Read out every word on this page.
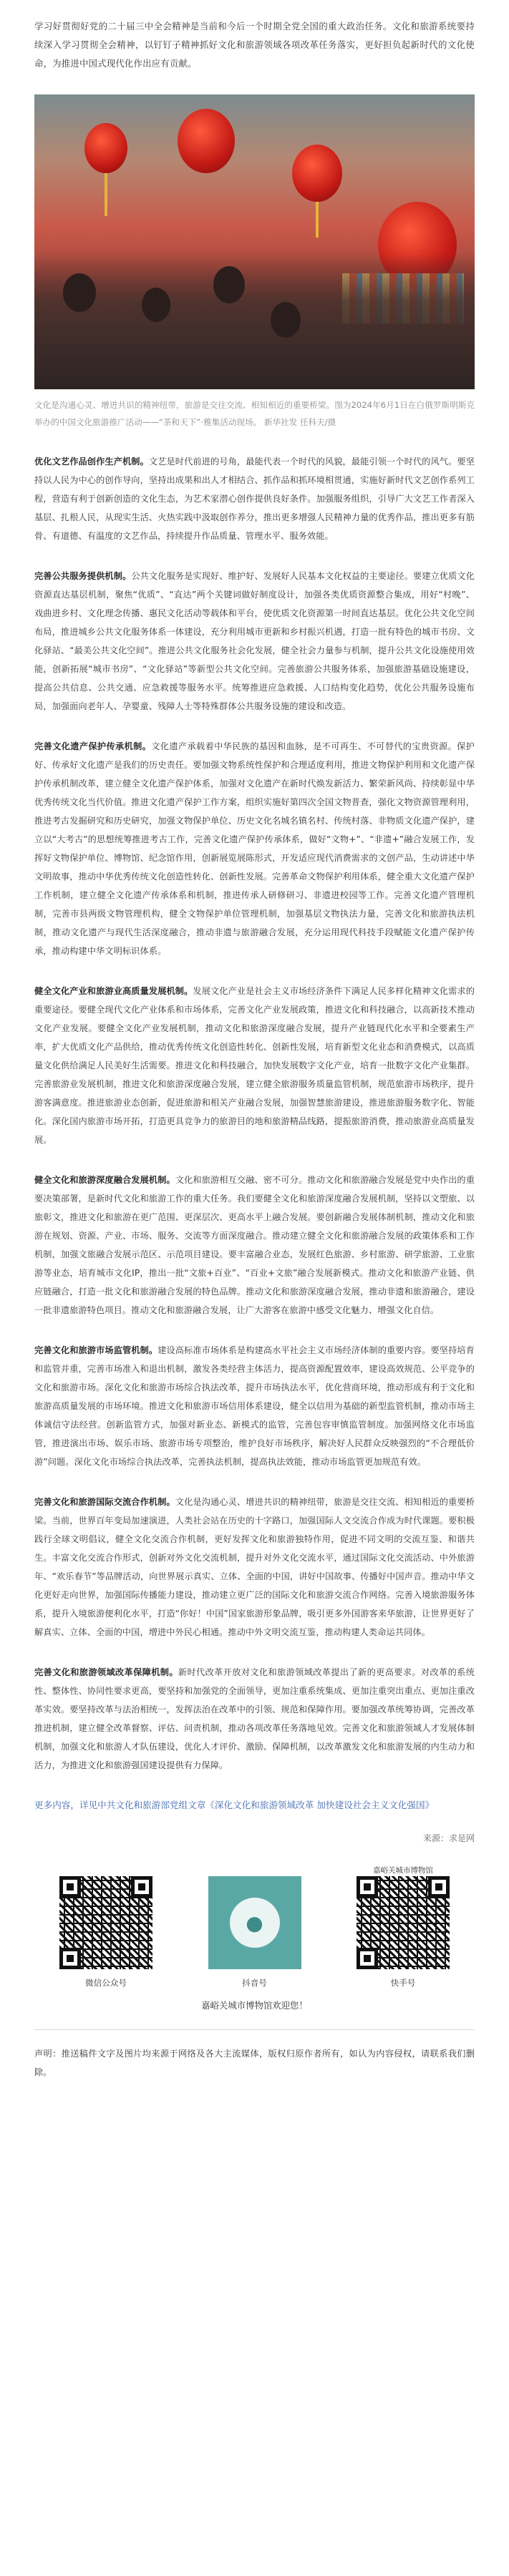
学习好贯彻好党的二十届三中全会精神是当前和今后一个时期全党全国的重大政治任务。文化和旅游系统要持续深入学习贯彻全会精神，以钉钉子精神抓好文化和旅游领域各项改革任务落实，更好担负起新时代的文化使命，为推进中国式现代化作出应有贡献。

文化是沟通心灵、增进共识的精神纽带，旅游是交往交流、相知相近的重要桥梁。图为2024年6月1日在白俄罗斯明斯克举办的中国文化旅游推广活动——“茶和天下”·雅集活动现场。 新华社发 任科夫/摄

优化文艺作品创作生产机制。文艺是时代前进的号角，最能代表一个时代的风貌，最能引领一个时代的风气。要坚持以人民为中心的创作导向，坚持出成果和出人才相结合、抓作品和抓环境相贯通，实施好新时代文艺创作系列工程，营造有利于创新创造的文化生态，为艺术家潜心创作提供良好条件。加强服务组织，引导广大文艺工作者深入基层、扎根人民，从现实生活、火热实践中汲取创作养分，推出更多增强人民精神力量的优秀作品，推出更多有筋骨、有道德、有温度的文艺作品，持续提升作品质量、管理水平、服务效能。

完善公共服务提供机制。公共文化服务是实现好、维护好、发展好人民基本文化权益的主要途径。要建立优质文化资源直达基层机制，聚焦“优质”、“直达”两个关键词做好制度设计，加强各类优质资源整合集成，用好“村晚”、戏曲进乡村、文化理念传播、惠民文化活动等载体和平台，使优质文化资源第一时间直达基层。优化公共文化空间布局，推进城乡公共文化服务体系一体建设，充分利用城市更新和乡村振兴机遇，打造一批有特色的城市书房、文化驿站、“最美公共文化空间”。推进公共文化服务社会化发展，健全社会力量参与机制，提升公共文化设施使用效能，创新拓展“城市书房”、“文化驿站”等新型公共文化空间。完善旅游公共服务体系，加强旅游基础设施建设，提高公共信息、公共交通、应急救援等服务水平。统筹推进应急救援、人口结构变化趋势，优化公共服务设施布局，加强面向老年人、孕婴童、残障人士等特殊群体公共服务设施的建设和改造。

完善文化遗产保护传承机制。文化遗产承载着中华民族的基因和血脉，是不可再生、不可替代的宝贵资源。保护好、传承好文化遗产是我们的历史责任。要加强文物系统性保护和合理适度利用，推进文物保护利用和文化遗产保护传承机制改革，建立健全文化遗产保护体系，加强对文化遗产在新时代焕发新活力、繁荣新风尚、持续彰显中华优秀传统文化当代价值。推进文化遗产保护工作方案，组织实施好第四次全国文物普查，强化文物资源管理利用，推进考古发掘研究和历史研究，加强文物保护单位、历史文化名城名镇名村、传统村落、非物质文化遗产保护，建立以“大考古”的思想统筹推进考古工作，完善文化遗产保护传承体系，做好“文物+”、“非遗+”融合发展工作，发挥好文物保护单位、博物馆、纪念馆作用，创新展览展陈形式，开发适应现代消费需求的文创产品，生动讲述中华文明故事，推动中华优秀传统文化创造性转化、创新性发展。完善革命文物保护利用体系，健全重大文化遗产保护工作机制，建立健全文化遗产传承体系和机制，推进传承人研修研习、非遗进校园等工作。完善文化遗产管理机制，完善市县两级文物管理机构，健全文物保护单位管理机制，加强基层文物执法力量，完善文化和旅游执法机制，推动文化遗产与现代生活深度融合，推动非遗与旅游融合发展，充分运用现代科技手段赋能文化遗产保护传承，推动构建中华文明标识体系。

健全文化产业和旅游业高质量发展机制。发展文化产业是社会主义市场经济条件下满足人民多样化精神文化需求的重要途径。要健全现代文化产业体系和市场体系，完善文化产业发展政策，推进文化和科技融合，以高新技术推动文化产业发展。要健全文化产业发展机制，推动文化和旅游深度融合发展，提升产业链现代化水平和全要素生产率，扩大优质文化产品供给，推动优秀传统文化创造性转化、创新性发展，培育新型文化业态和消费模式，以高质量文化供给满足人民美好生活需要。推进文化和科技融合，加快发展数字文化产业，培育一批数字文化产业集群。完善旅游业发展机制，推进文化和旅游深度融合发展，建立健全旅游服务质量监管机制，规范旅游市场秩序，提升游客满意度。推进旅游业态创新，促进旅游和相关产业融合发展，加强智慧旅游建设，推进旅游服务数字化、智能化。深化国内旅游市场开拓，打造更具竞争力的旅游目的地和旅游精品线路，提振旅游消费，推动旅游业高质量发展。

健全文化和旅游深度融合发展机制。文化和旅游相互交融、密不可分。推动文化和旅游融合发展是党中央作出的重要决策部署，是新时代文化和旅游工作的重大任务。我们要健全文化和旅游深度融合发展机制，坚持以文塑旅、以旅彰文，推进文化和旅游在更广范围、更深层次、更高水平上融合发展。要创新融合发展体制机制，推动文化和旅游在规划、资源、产业、市场、服务、交流等方面深度融合。推动建立健全文化和旅游融合发展的政策体系和工作机制，加强文旅融合发展示范区、示范项目建设。要丰富融合业态，发展红色旅游、乡村旅游、研学旅游、工业旅游等业态，培育城市文化IP，推出一批“文旅+百业”、“百业+文旅”融合发展新模式。推动文化和旅游产业链、供应链融合，打造一批文化和旅游融合发展的特色品牌。推动文化和旅游深度融合发展，推动非遗和旅游融合，建设一批非遗旅游特色项目。推动文化和旅游融合发展，让广大游客在旅游中感受文化魅力、增强文化自信。

完善文化和旅游市场监管机制。建设高标准市场体系是构建高水平社会主义市场经济体制的重要内容。要坚持培育和监管并重，完善市场准入和退出机制，激发各类经营主体活力，提高资源配置效率，建设高效规范、公平竞争的文化和旅游市场。深化文化和旅游市场综合执法改革，提升市场执法水平，优化营商环境，推动形成有利于文化和旅游高质量发展的市场环境。推进文化和旅游市场信用体系建设，健全以信用为基础的新型监管机制，推动市场主体诚信守法经营。创新监管方式，加强对新业态、新模式的监管，完善包容审慎监管制度。加强网络文化市场监管，推进演出市场、娱乐市场、旅游市场专项整治，维护良好市场秩序，解决好人民群众反映强烈的“不合理低价游”问题。深化文化市场综合执法改革，完善执法机制，提高执法效能，推动市场监管更加规范有效。

完善文化和旅游国际交流合作机制。文化是沟通心灵、增进共识的精神纽带，旅游是交往交流、相知相近的重要桥梁。当前，世界百年变局加速演进，人类社会站在历史的十字路口，加强国际人文交流合作成为时代课题。要积极践行全球文明倡议，健全文化交流合作机制，更好发挥文化和旅游独特作用，促进不同文明的交流互鉴、和谐共生。丰富文化交流合作形式，创新对外文化交流机制，提升对外文化交流水平，通过国际文化交流活动、中外旅游年、“欢乐春节”等品牌活动，向世界展示真实、立体、全面的中国，讲好中国故事、传播好中国声音。推动中华文化更好走向世界，加强国际传播能力建设，推动建立更广泛的国际文化和旅游交流合作网络。完善入境旅游服务体系，提升入境旅游便利化水平，打造“你好！中国”国家旅游形象品牌，吸引更多外国游客来华旅游，让世界更好了解真实、立体、全面的中国，增进中外民心相通。推动中外文明交流互鉴，推动构建人类命运共同体。

完善文化和旅游领域改革保障机制。新时代改革开放对文化和旅游领域改革提出了新的更高要求。对改革的系统性、整体性、协同性要求更高，要坚持和加强党的全面领导，更加注重系统集成、更加注重突出重点、更加注重改革实效。要坚持改革与法治相统一，发挥法治在改革中的引领、规范和保障作用。要加强改革统筹协调，完善改革推进机制，建立健全改革督察、评估、问责机制，推动各项改革任务落地见效。完善文化和旅游领域人才发展体制机制，加强文化和旅游人才队伍建设，优化人才评价、激励、保障机制，以改革激发文化和旅游发展的内生动力和活力，为推进文化和旅游强国建设提供有力保障。

更多内容，详见中共文化和旅游部党组文章《深化文化和旅游领域改革 加快建设社会主义文化强国》

来源：求是网

微信公众号
●
抖音号
嘉峪关城市博物馆
快手号

嘉峪关城市博物馆欢迎您！

声明：推送稿件文字及图片均来源于网络及各大主流媒体，版权归原作者所有，如认为内容侵权，请联系我们删除。
